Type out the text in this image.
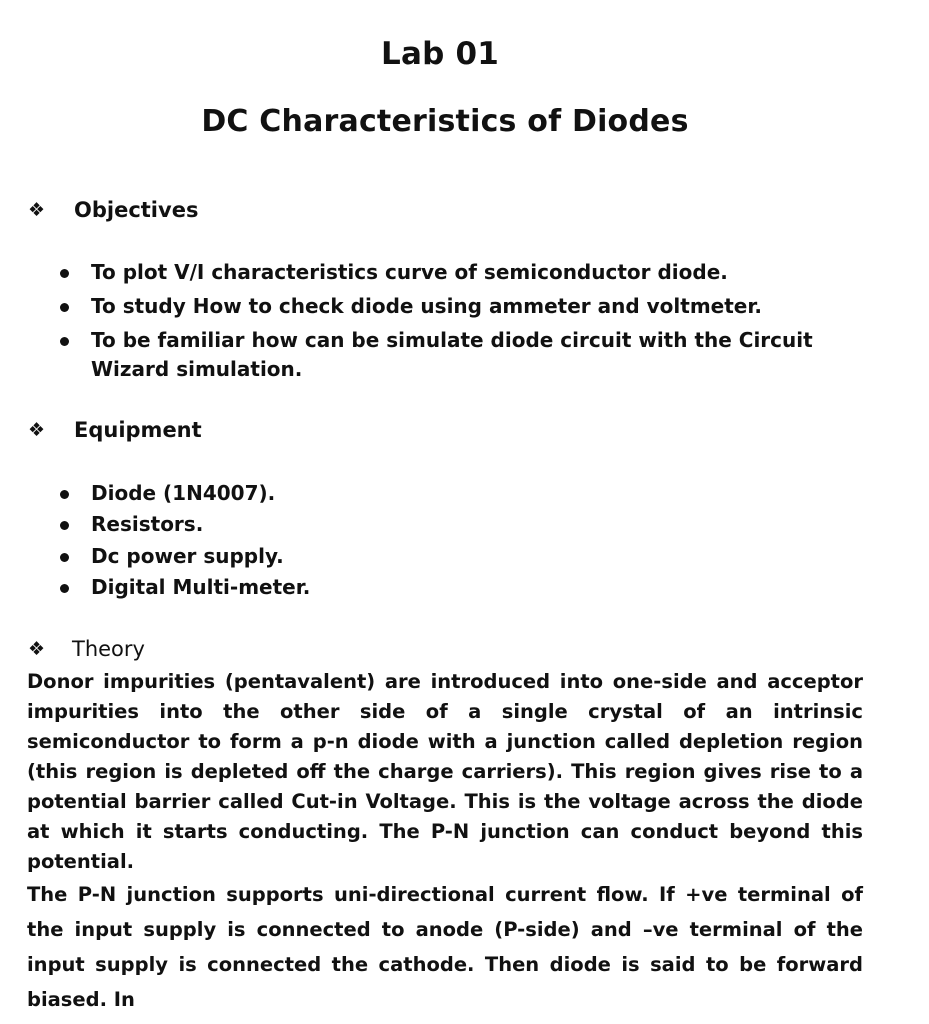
Lab 01
DC Characteristics of Diodes
❖	Objectives
To plot V/I characteristics curve of semiconductor diode.
To study How to check diode using ammeter and voltmeter.
To be familiar how can be simulate diode circuit with the Circuit Wizard simulation.
❖	Equipment
Diode (1N4007).
Resistors.
Dc power supply.
Digital Multi-meter.
❖	Theory

Donor impurities (pentavalent) are introduced into one-side and acceptor impurities into the other side of a single crystal of an intrinsic semiconductor to form a p-n diode with a junction called depletion region (this region is depleted off the charge carriers). This region gives rise to a potential barrier called Cut-in Voltage. This is the voltage across the diode at which it starts conducting. The P-N junction can conduct beyond this potential.

The P-N junction supports uni-directional current flow. If +ve terminal of the input supply is connected to anode (P-side) and –ve terminal of the input supply is connected the cathode. Then diode is said to be forward biased. In
